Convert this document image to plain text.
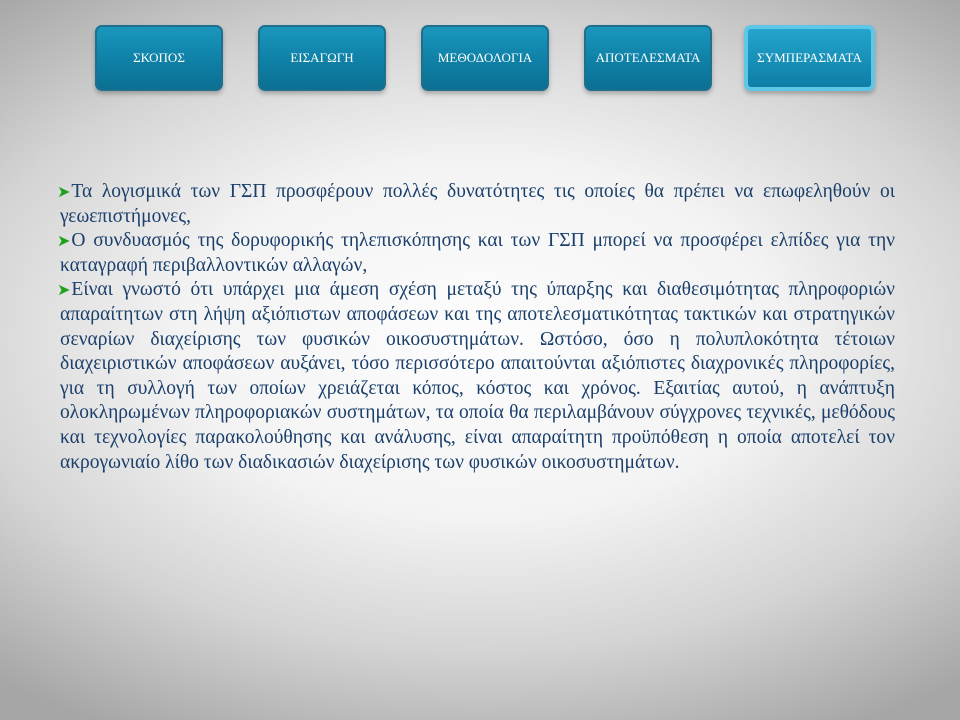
ΣΚΟΠΟΣ	ΕΙΣΑΓΩΓΗ	ΜΕΘΟΔΟΛΟΓΙΑ	ΑΠΟΤΕΛΕΣΜΑΤΑ	ΣΥΜΠΕΡΑΣΜΑΤΑ

➤Τα λογισμικά των ΓΣΠ προσφέρουν πολλές δυνατότητες τις οποίες θα πρέπει να επωφεληθούν οι γεωεπιστήμονες,

➤Ο συνδυασμός της δορυφορικής τηλεπισκόπησης και των ΓΣΠ μπορεί να προσφέρει ελπίδες για την καταγραφή περιβαλλοντικών αλλαγών,

➤Είναι γνωστό ότι υπάρχει μια άμεση σχέση μεταξύ της ύπαρξης και διαθεσιμότητας πληροφοριών απαραίτητων στη λήψη αξιόπιστων αποφάσεων και της αποτελεσματικότητας τακτικών και στρατηγικών σεναρίων διαχείρισης των φυσικών οικοσυστημάτων. Ωστόσο, όσο η πολυπλοκότητα τέτοιων διαχειριστικών αποφάσεων αυξάνει, τόσο περισσότερο απαιτούνται αξιόπιστες διαχρονικές πληροφορίες, για τη συλλογή των οποίων χρειάζεται κόπος, κόστος και χρόνος. Εξαιτίας αυτού, η ανάπτυξη ολοκληρωμένων πληροφοριακών συστημάτων, τα οποία θα περιλαμβάνουν σύγχρονες τεχνικές, μεθόδους και τεχνολογίες παρακολούθησης και ανάλυσης, είναι απαραίτητη προϋπόθεση η οποία αποτελεί τον ακρογωνιαίο λίθο των διαδικασιών διαχείρισης των φυσικών οικοσυστημάτων.
